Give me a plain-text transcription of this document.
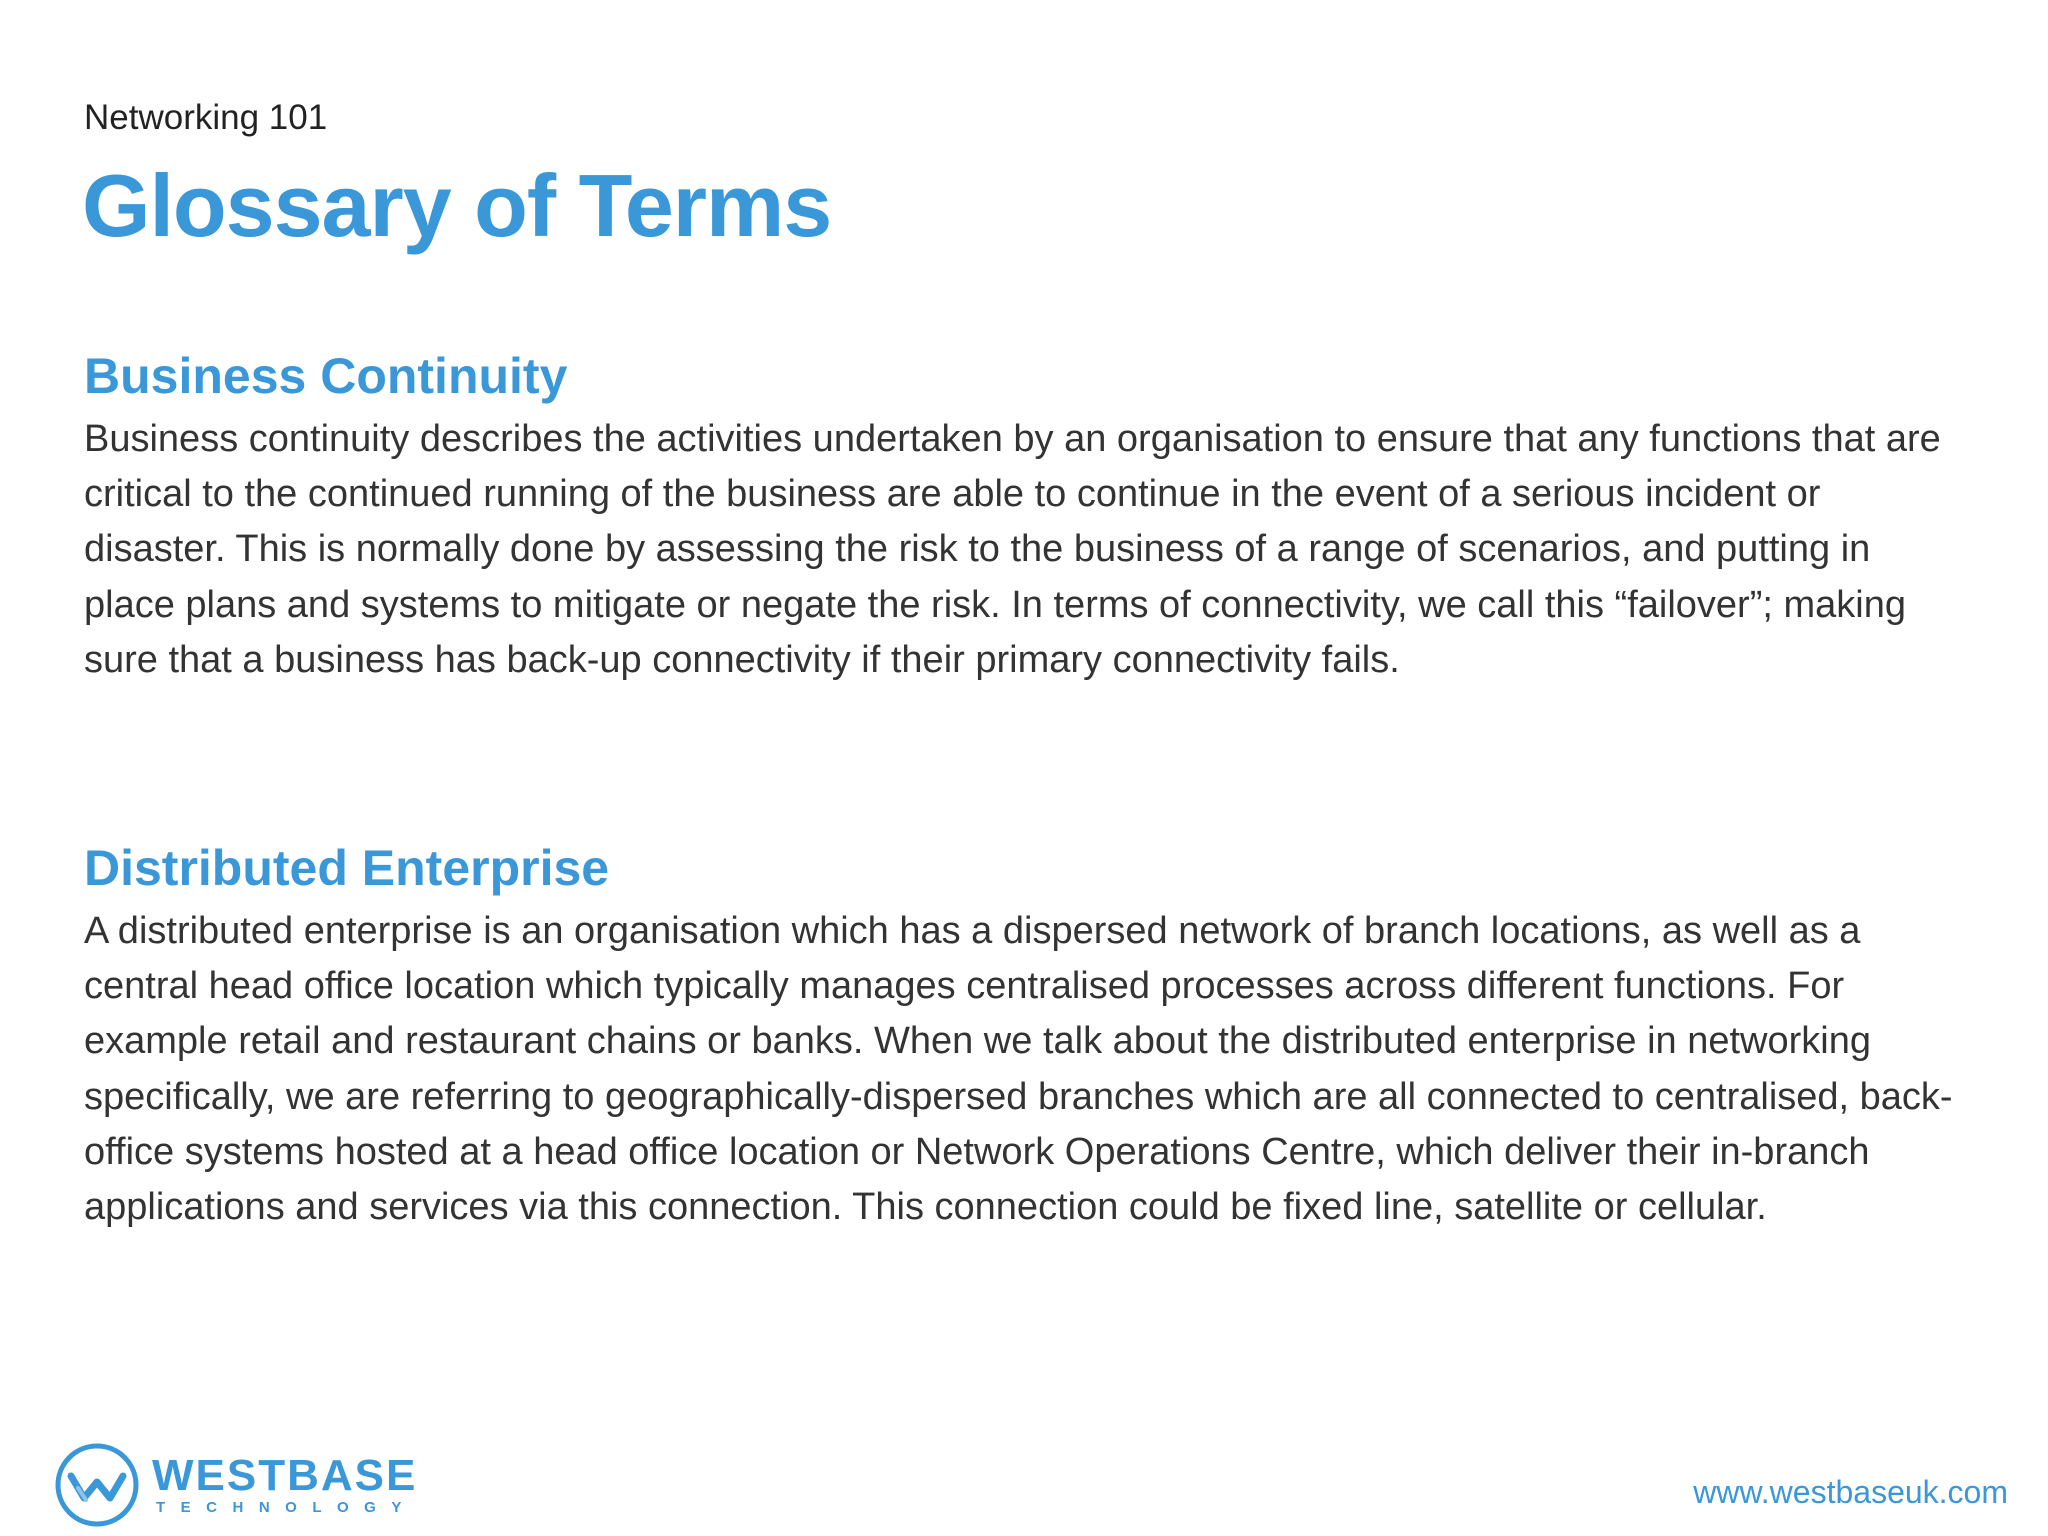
Networking 101
Glossary of Terms
Business Continuity

Business continuity describes the activities undertaken by an organisation to ensure that any functions that are critical to the continued running of the business are able to continue in the event of a serious incident or disaster. This is normally done by assessing the risk to the business of a range of scenarios, and putting in place plans and systems to mitigate or negate the risk. In terms of connectivity, we call this “failover”; making sure that a business has back-up connectivity if their primary connectivity fails.

Distributed Enterprise

A distributed enterprise is an organisation which has a dispersed network of branch locations, as well as a central head office location which typically manages centralised processes across different functions. For example retail and restaurant chains or banks. When we talk about the distributed enterprise in networking specifically, we are referring to geographically-dispersed branches which are all connected to centralised, back-office systems hosted at a head office location or Network Operations Centre, which deliver their in-branch applications and services via this connection. This connection could be fixed line, satellite or cellular.

WESTBASE
TECHNOLOGY	www.westbaseuk.com
